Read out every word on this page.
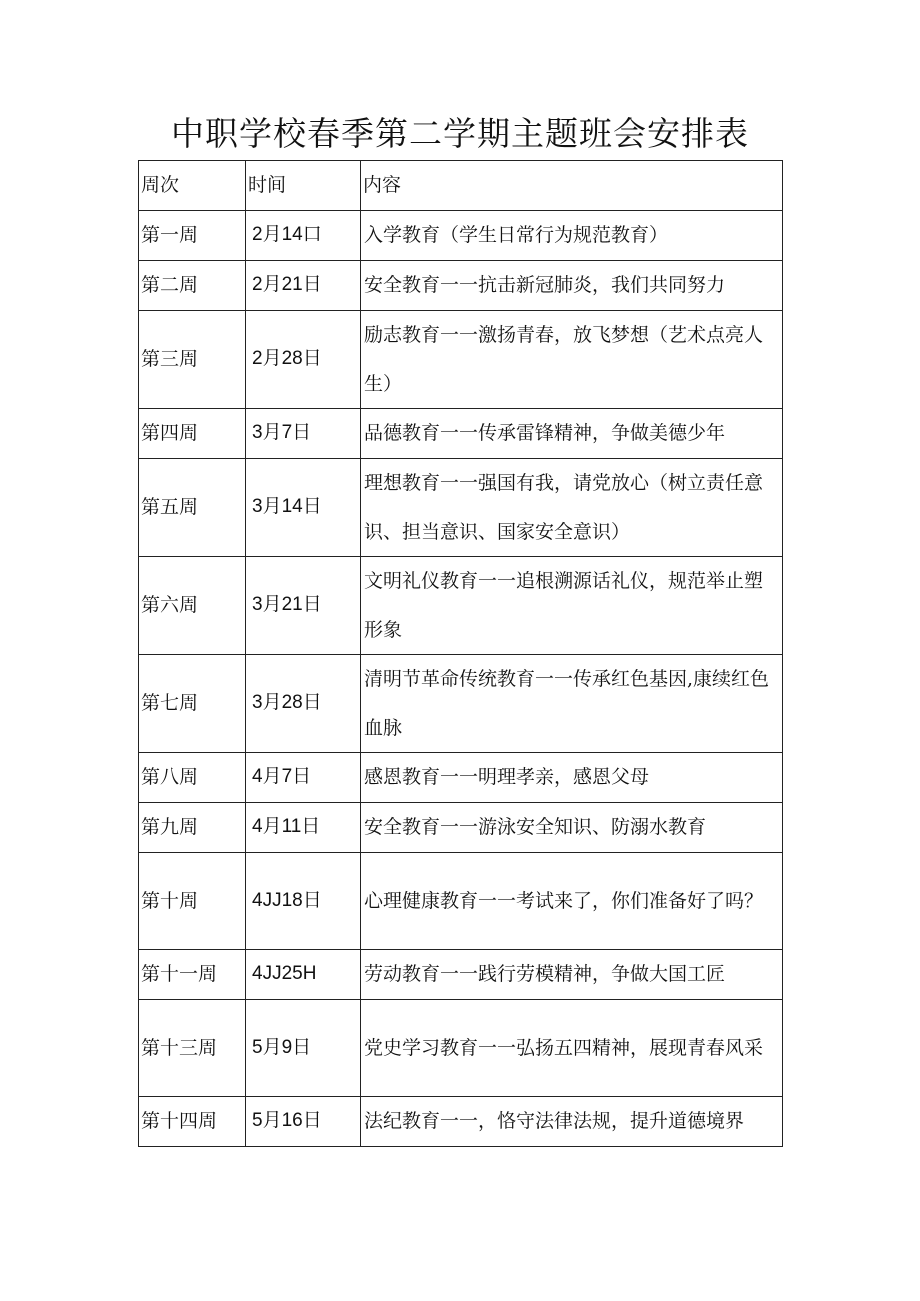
中职学校春季第二学期主题班会安排表
周次	时间	内容
第一周	2月14口	入学教育（学生日常行为规范教育）
第二周	2月21日	安全教育一一抗击新冠肺炎，我们共同努力
第三周	2月28日	励志教育一一激扬青春，放飞梦想（艺术点亮人生）
第四周	3月7日	品德教育一一传承雷锋精神，争做美德少年
第五周	3月14日	理想教育一一强国有我，请党放心（树立责任意识、担当意识、国家安全意识）
第六周	3月21日	文明礼仪教育一一追根溯源话礼仪，规范举止塑形象
第七周	3月28日	清明节革命传统教育一一传承红色基因,康续红色血脉
第八周	4月7日	感恩教育一一明理孝亲，感恩父母
第九周	4月11日	安全教育一一游泳安全知识、防溺水教育
第十周	4JJ18日	心理健康教育一一考试来了，你们准备好了吗？
第十一周	4JJ25H	劳动教育一一践行劳模精神，争做大国工匠
第十三周	5月9日	党史学习教育一一弘扬五四精神，展现青春风采
第十四周	5月16日	法纪教育一一，恪守法律法规，提升道德境界
